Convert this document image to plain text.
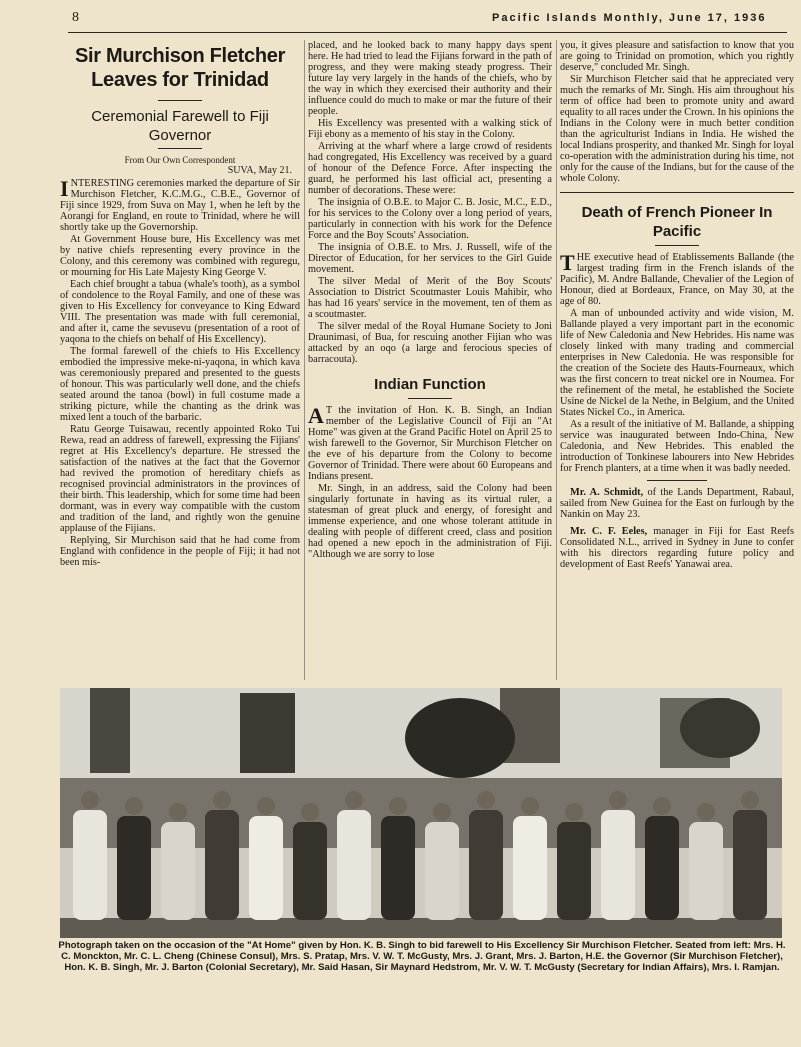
8	Pacific Islands Monthly, June 17, 1936
Sir Murchison Fletcher Leaves for Trinidad
Ceremonial Farewell to Fiji Governor
From Our Own Correspondent
SUVA, May 21.

INTERESTING ceremonies marked the departure of Sir Murchison Fletcher, K.C.M.G., C.B.E., Governor of Fiji since 1929, from Suva on May 1, when he left by the Aorangi for England, en route to Trinidad, where he will shortly take up the Governorship.

At Government House bure, His Excellency was met by native chiefs representing every province in the Colony, and this ceremony was combined with reguregu, or mourning for His Late Majesty King George V.

Each chief brought a tabua (whale's tooth), as a symbol of condolence to the Royal Family, and one of these was given to His Excellency for conveyance to King Edward VIII. The presentation was made with full ceremonial, and after it, came the sevusevu (presentation of a root of yaqona to the chiefs on behalf of His Excellency).

The formal farewell of the chiefs to His Excellency embodied the impressive meke-ni-yaqona, in which kava was ceremoniously prepared and presented to the guests of honour. This was particularly well done, and the chiefs seated around the tanoa (bowl) in full costume made a striking picture, while the chanting as the drink was mixed lent a touch of the barbaric.

Ratu George Tuisawau, recently appointed Roko Tui Rewa, read an address of farewell, expressing the Fijians' regret at His Excellency's departure. He stressed the satisfaction of the natives at the fact that the Governor had revived the promotion of hereditary chiefs as recognised provincial administrators in the provinces of their birth. This leadership, which for some time had been dormant, was in every way compatible with the custom and tradition of the land, and rightly won the genuine applause of the Fijians.

Replying, Sir Murchison said that he had come from England with confidence in the people of Fiji; it had not been mis-

placed, and he looked back to many happy days spent here. He had tried to lead the Fijians forward in the path of progress, and they were making steady progress. Their future lay very largely in the hands of the chiefs, who by the way in which they exercised their authority and their influence could do much to make or mar the future of their people.

His Excellency was presented with a walking stick of Fiji ebony as a memento of his stay in the Colony.

Arriving at the wharf where a large crowd of residents had congregated, His Excellency was received by a guard of honour of the Defence Force. After inspecting the guard, he performed his last official act, presenting a number of decorations. These were:

The insignia of O.B.E. to Major C. B. Josic, M.C., E.D., for his services to the Colony over a long period of years, particularly in connection with his work for the Defence Force and the Boy Scouts' Association.

The insignia of O.B.E. to Mrs. J. Russell, wife of the Director of Education, for her services to the Girl Guide movement.

The silver Medal of Merit of the Boy Scouts' Association to District Scoutmaster Louis Mahibir, who has had 16 years' service in the movement, ten of them as a scoutmaster.

The silver medal of the Royal Humane Society to Joni Draunimasi, of Bua, for rescuing another Fijian who was attacked by an oqo (a large and ferocious species of barracouta).

Indian Function

A T the invitation of Hon. K. B. Singh, an Indian member of the Legislative Council of Fiji an "At Home" was given at the Grand Pacific Hotel on April 25 to wish farewell to the Governor, Sir Murchison Fletcher on the eve of his departure from the Colony to become Governor of Trinidad. There were about 60 Europeans and Indians present.

Mr. Singh, in an address, said the Colony had been singularly fortunate in having as its virtual ruler, a statesman of great pluck and energy, of foresight and immense experience, and one whose tolerant attitude in dealing with people of different creed, class and position had opened a new epoch in the administration of Fiji. "Although we are sorry to lose

you, it gives pleasure and satisfaction to know that you are going to Trinidad on promotion, which you rightly deserve," concluded Mr. Singh.

Sir Murchison Fletcher said that he appreciated very much the remarks of Mr. Singh. His aim throughout his term of office had been to promote unity and award equality to all races under the Crown. In his opinions the Indians in the Colony were in much better condition than the agriculturist Indians in India. He wished the local Indians prosperity, and thanked Mr. Singh for loyal co-operation with the administration during his time, not only for the cause of the Indians, but for the cause of the whole Colony.

Death of French Pioneer In Pacific

THE executive head of Etablissements Ballande (the largest trading firm in the French islands of the Pacific), M. Andre Ballande, Chevalier of the Legion of Honour, died at Bordeaux, France, on May 30, at the age of 80.

A man of unbounded activity and wide vision, M. Ballande played a very important part in the economic life of New Caledonia and New Hebrides. His name was closely linked with many trading and commercial enterprises in New Caledonia. He was responsible for the creation of the Societe des Hauts-Fourneaux, which was the first concern to treat nickel ore in Noumea. For the refinement of the metal, he established the Societe Usine de Nickel de la Nethe, in Belgium, and the United States Nickel Co., in America.

As a result of the initiative of M. Ballande, a shipping service was inaugurated between Indo-China, New Caledonia, and New Hebrides. This enabled the introduction of Tonkinese labourers into New Hebrides for French planters, at a time when it was badly needed.

Mr. A. Schmidt, of the Lands Department, Rabaul, sailed from New Guinea for the East on furlough by the Nankin on May 23.

Mr. C. F. Eeles, manager in Fiji for East Reefs Consolidated N.L., arrived in Sydney in June to confer with his directors regarding future policy and development of East Reefs' Yanawai area.

Photograph taken on the occasion of the "At Home" given by Hon. K. B. Singh to bid farewell to His Excellency Sir Murchison Fletcher. Seated from left: Mrs. H. C. Monckton, Mr. C. L. Cheng (Chinese Consul), Mrs. S. Pratap, Mrs. V. W. T. McGusty, Mrs. J. Grant, Mrs. J. Barton, H.E. the Governor (Sir Murchison Fletcher), Hon. K. B. Singh, Mr. J. Barton (Colonial Secretary), Mr. Said Hasan, Sir Maynard Hedstrom, Mr. V. W. T. McGusty (Secretary for Indian Affairs), Mrs. I. Ramjan.
